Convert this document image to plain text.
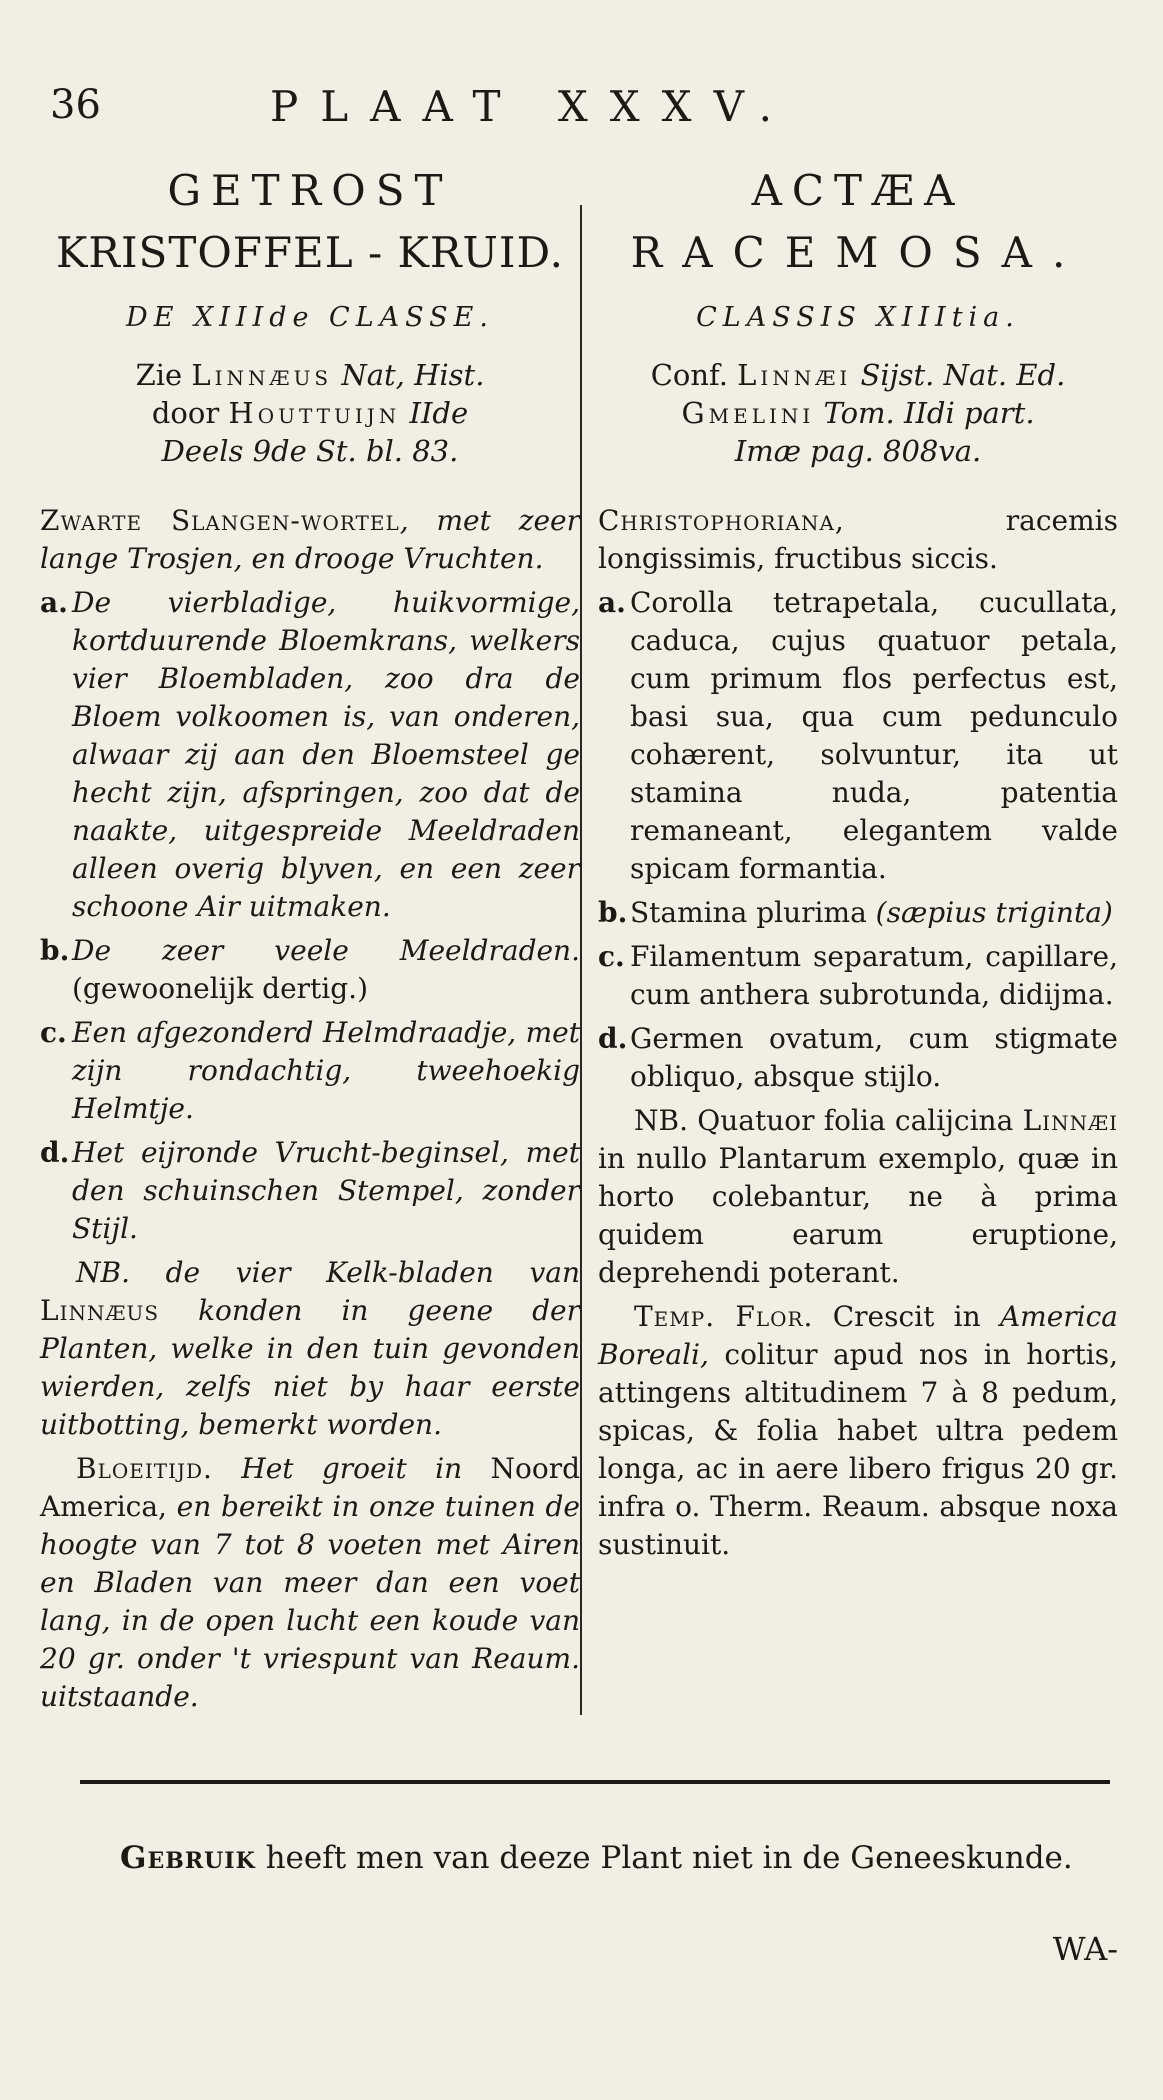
36	PLAAT XXXV.
GETROST
KRISTOFFEL - KRUID.
DE XIIIde CLASSE.
Zie Linnæus Nat, Hist.
door Houttuijn IIde
Deels 9de St. bl. 83.
Zwarte Slangen-wortel, met zeer lange Trosjen, en drooge Vruchten.
a. De vierbladige, huikvormige, kortduurende Bloemkrans, welkers vier Bloembladen, zoo dra de Bloem volkoomen is, van onderen, alwaar zij aan den Bloemsteel ge hecht zijn, afspringen, zoo dat de naakte, uitgespreide Meeldraden alleen overig blyven, en een zeer schoone Air uitmaken.
b. De zeer veele Meeldraden. (gewoonelijk dertig.)
c. Een afgezonderd Helmdraadje, met zijn rondachtig, tweehoekig Helmtje.
d. Het eijronde Vrucht-beginsel, met den schuinschen Stempel, zonder Stijl.
NB. de vier Kelk-bladen van Linnæus konden in geene der Planten, welke in den tuin gevonden wierden, zelfs niet by haar eerste uitbotting, bemerkt worden.
Bloeitijd. Het groeit in Noord America, en bereikt in onze tuinen de hoogte van 7 tot 8 voeten met Airen en Bladen van meer dan een voet lang, in de open lucht een koude van 20 gr. onder 't vriespunt van Reaum. uitstaande.
ACTÆA
RACEMOSA.
CLASSIS XIIItia.
Conf. Linnæi Sijst. Nat. Ed.
Gmelini Tom. IIdi part.
Imæ pag. 808va.
Christophoriana, racemis longissimis, fructibus siccis.
a. Corolla tetrapetala, cucullata, caduca, cujus quatuor petala, cum primum flos perfectus est, basi sua, qua cum pedunculo cohærent, solvuntur, ita ut stamina nuda, patentia remaneant, elegantem valde spicam formantia.
b. Stamina plurima (sæpius triginta)
c. Filamentum separatum, capillare, cum anthera subrotunda, didijma.
d. Germen ovatum, cum stigmate obliquo, absque stijlo.
NB. Quatuor folia calijcina Linnæi in nullo Plantarum exemplo, quæ in horto colebantur, ne à prima quidem earum eruptione, deprehendi poterant.
Temp. Flor. Crescit in America Boreali, colitur apud nos in hortis, attingens altitudinem 7 à 8 pedum, spicas, & folia habet ultra pedem longa, ac in aere libero frigus 20 gr. infra o. Therm. Reaum. absque noxa sustinuit.
Gebruik heeft men van deeze Plant niet in de Geneeskunde.
WA-
